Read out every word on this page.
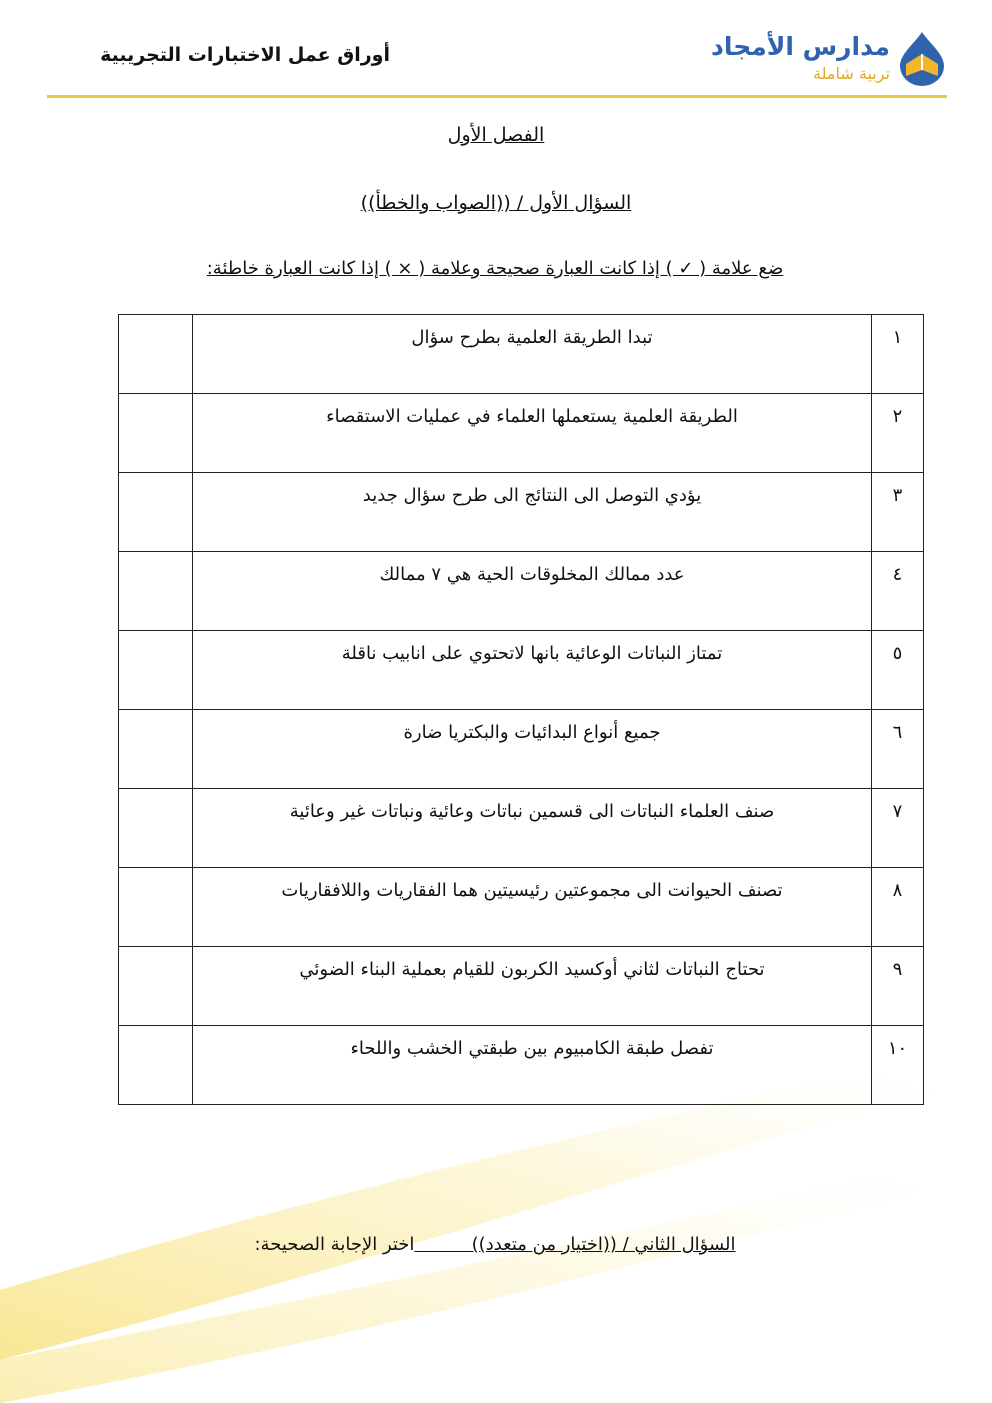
أوراق عمل الاختبارات التجريبية	مدارس الأمجاد
تربية شاملة
الفصل الأول
السؤال الأول / ((الصواب والخطأ))
ضع علامة ( ✓ ) إذا كانت العبارة صحيحة وعلامة ( × ) إذا كانت العبارة خاطئة:
١	تبدا الطريقة العلمية بطرح سؤال	
٢	الطريقة العلمية يستعملها العلماء في عمليات الاستقصاء	
٣	يؤدي التوصل الى النتائج الى طرح سؤال جديد	
٤	عدد ممالك المخلوقات الحية هي ٧ ممالك	
٥	تمتاز النباتات الوعائية بانها لاتحتوي على انابيب ناقلة	
٦	جميع أنواع البدائيات والبكتريا ضارة	
٧	صنف العلماء النباتات الى قسمين نباتات وعائية ونباتات غير وعائية	
٨	تصنف الحيوانت الى مجموعتين رئيسيتين هما الفقاريات واللافقاريات	
٩	تحتاج النباتات لثاني أوكسيد الكربون للقيام بعملية البناء الضوئي	
١٠	تفصل طبقة الكامبيوم بين طبقتي الخشب واللحاء	
السؤال الثاني / ((اختيار من متعدد))          اختر الإجابة الصحيحة:
